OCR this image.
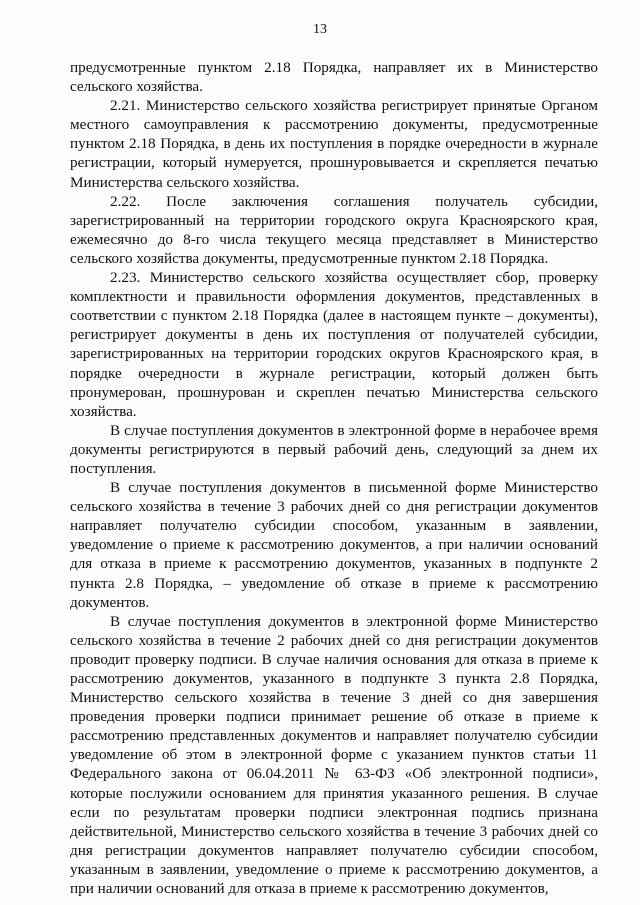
13

предусмотренные пунктом 2.18 Порядка, направляет их в Министерство сельского хозяйства.

2.21. Министерство сельского хозяйства регистрирует принятые Органом местного самоуправления к рассмотрению документы, предусмотренные пунктом 2.18 Порядка, в день их поступления в порядке очередности в журнале регистрации, который нумеруется, прошнуровывается и скрепляется печатью Министерства сельского хозяйства.

2.22. После заключения соглашения получатель субсидии, зарегистрированный на территории городского округа Красноярского края, ежемесячно до 8-го числа текущего месяца представляет в Министерство сельского хозяйства документы, предусмотренные пунктом 2.18 Порядка.

2.23. Министерство сельского хозяйства осуществляет сбор, проверку комплектности и правильности оформления документов, представленных в соответствии с пунктом 2.18 Порядка (далее в настоящем пункте – документы), регистрирует документы в день их поступления от получателей субсидии, зарегистрированных на территории городских округов Красноярского края, в порядке очередности в журнале регистрации, который должен быть пронумерован, прошнурован и скреплен печатью Министерства сельского хозяйства.

В случае поступления документов в электронной форме в нерабочее время документы регистрируются в первый рабочий день, следующий за днем их поступления.

В случае поступления документов в письменной форме Министерство сельского хозяйства в течение 3 рабочих дней со дня регистрации документов направляет получателю субсидии способом, указанным в заявлении, уведомление о приеме к рассмотрению документов, а при наличии оснований для отказа в приеме к рассмотрению документов, указанных в подпункте 2 пункта 2.8 Порядка, – уведомление об отказе в приеме к рассмотрению документов.

В случае поступления документов в электронной форме Министерство сельского хозяйства в течение 2 рабочих дней со дня регистрации документов проводит проверку подписи. В случае наличия основания для отказа в приеме к рассмотрению документов, указанного в подпункте 3 пункта 2.8 Порядка, Министерство сельского хозяйства в течение 3 дней со дня завершения проведения проверки подписи принимает решение об отказе в приеме к рассмотрению представленных документов и направляет получателю субсидии уведомление об этом в электронной форме с указанием пунктов статьи 11 Федерального закона от 06.04.2011 № 63-ФЗ «Об электронной подписи», которые послужили основанием для принятия указанного решения. В случае если по результатам проверки подписи электронная подпись признана действительной, Министерство сельского хозяйства в течение 3 рабочих дней со дня регистрации документов направляет получателю субсидии способом, указанным в заявлении, уведомление о приеме к рассмотрению документов, а при наличии оснований для отказа в приеме к рассмотрению документов,
